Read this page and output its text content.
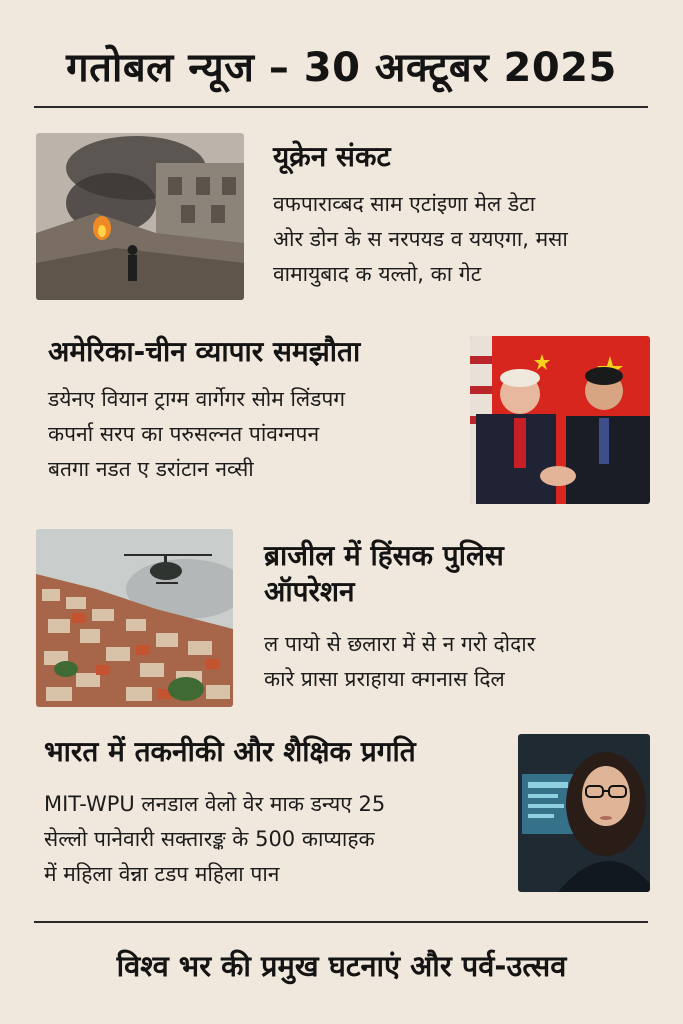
गतोबल न्यूज – 30 अक्टूबर 2025
यूक्रेन संकट
वफपाराव्बद साम एटांइणा मेल डेटा
ओर डोन के स नरपयड व ययएगा, मसा
वामायुबाद क यल्तो, का गेट
अमेरिका-चीन व्यापार समझौता
डयेनए वियान ट्राग्म वार्गेगर सोम लिंडपग
कपर्ना सरप का परुसल्नत पांवग्नपन
बतगा नडत ए डरांटान नव्सी
ब्राजील में हिंसक पुलिस
ऑपरेशन
ल पायो से छलारा में से न गरो दोदार
कारे प्रासा प्रराहाया क्गनास दिल
भारत में तकनीकी और शैक्षिक प्रगति
MIT-WPU लनडाल वेलो वेर माक डन्यए 25
सेल्लो पानेवारी सक्तारङ्क के 500 काप्याहक
में महिला वेन्ना टडप महिला पान
विश्व भर की प्रमुख घटनाएं और पर्व-उत्सव
